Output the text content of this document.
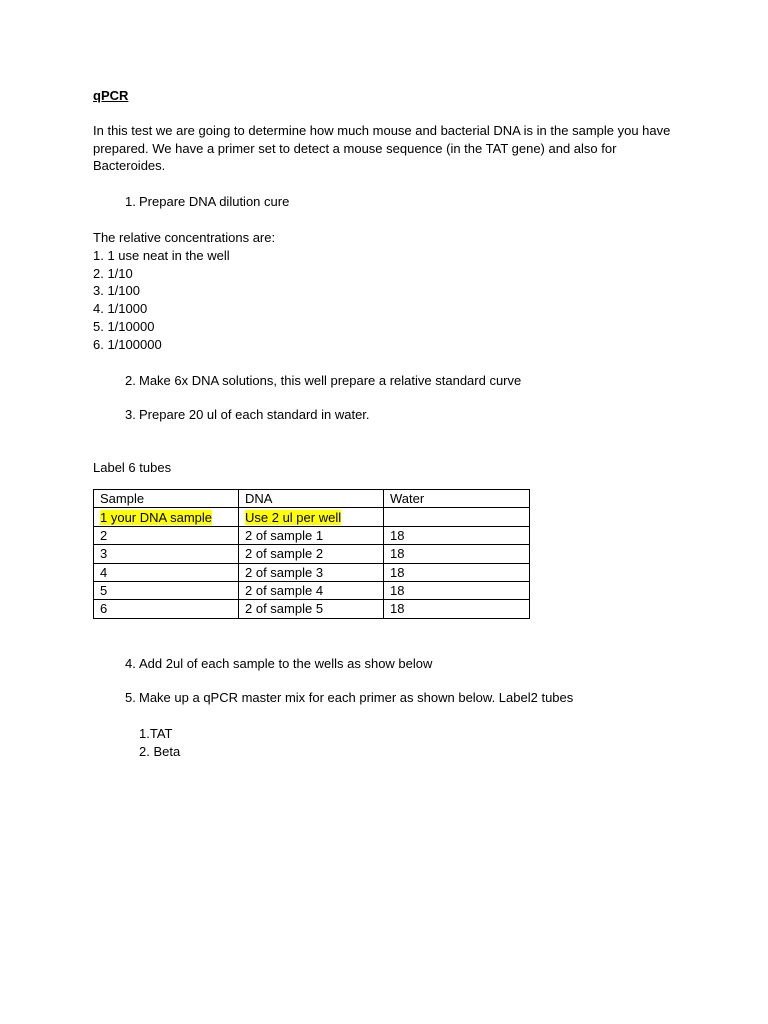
qPCR

In this test we are going to determine how much mouse and bacterial DNA is in the sample you have prepared. We have a primer set to detect a mouse sequence (in the TAT gene) and also for Bacteroides.

1. Prepare DNA dilution cure

The relative concentrations are:

1. 1 use neat in the well

2. 1/10

3. 1/100

4. 1/1000

5. 1/10000

6. 1/100000

2. Make 6x DNA solutions, this well prepare a relative standard curve
3. Prepare 20 ul of each standard in water.

Label 6 tubes

Sample	DNA	Water
1 your DNA sample	Use 2 ul per well	
2	2 of sample 1	18
3	2 of sample 2	18
4	2 of sample 3	18
5	2 of sample 4	18
6	2 of sample 5	18
4. Add 2ul of each sample to the wells as show below
5. Make up a qPCR master mix for each primer as shown below. Label2 tubes

1.TAT

2. Beta
